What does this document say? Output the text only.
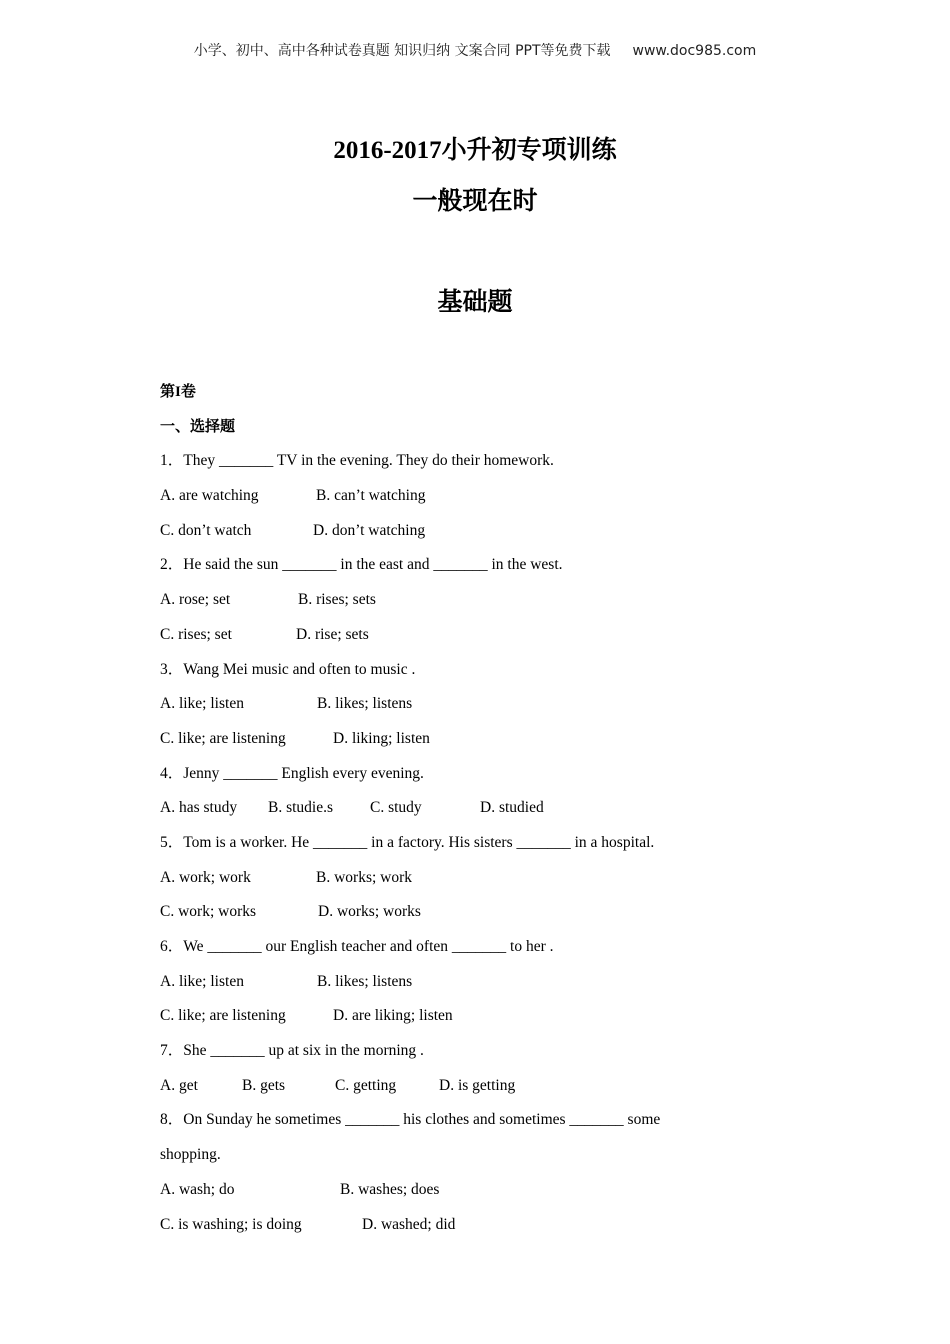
小学、初中、高中各种试卷真题 知识归纳 文案合同 PPT等免费下载 www.doc985.com
2016-2017小升初专项训练
一般现在时
基础题
第I卷
一、选择题
1．They _______ TV in the evening. They do their homework.
A. are watching	B. can’t watching
C. don’t watch	D. don’t watching
2．He said the sun _______ in the east and _______ in the west.
A. rose; set	B. rises; sets
C. rises; set	D. rise; sets
3．Wang Mei music and often to music .
A. like; listen	B. likes; listens
C. like; are listening	D. liking; listen
4．Jenny _______ English every evening.
A. has study B. studie.s C. study	D. studied
5．Tom is a worker. He _______ in a factory. His sisters _______ in a hospital.
A. work; work	B. works; work
C. work; works	D. works; works
6．We _______ our English teacher and often _______ to her .
A. like; listen	B. likes; listens
C. like; are listening	D. are liking; listen
7．She _______ up at six in the morning .
A. get	B. gets	C. getting	D. is getting
8．On Sunday he sometimes _______ his clothes and sometimes _______ some
shopping.
A. wash; do	B. washes; does
C. is washing; is doing	D. washed; did
